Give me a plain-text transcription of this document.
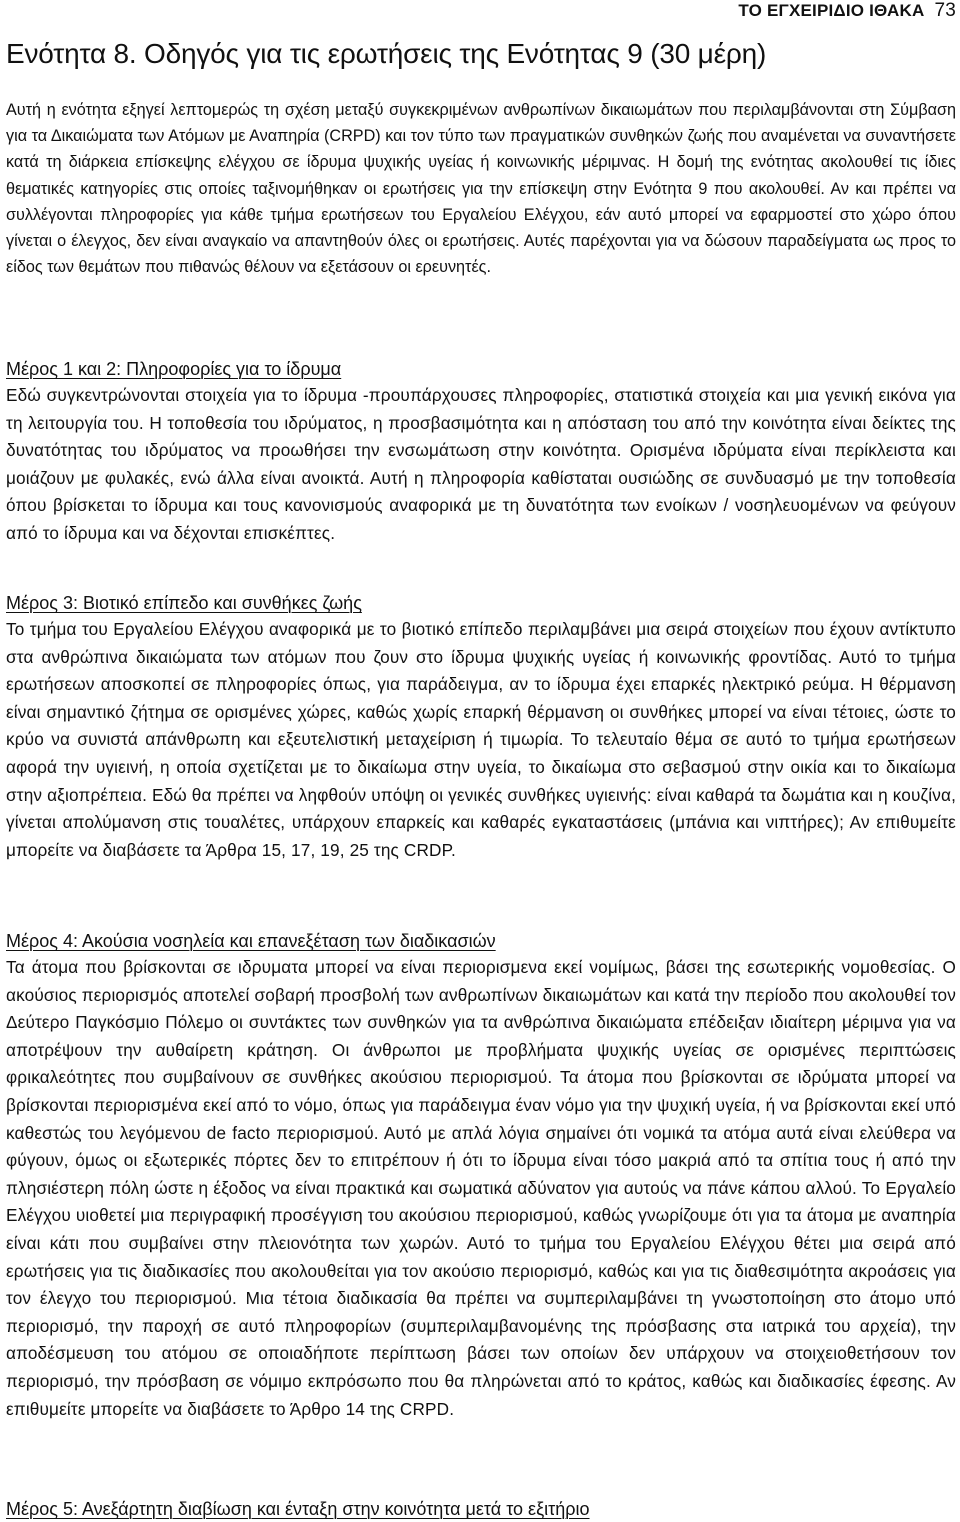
ΤΟ ΕΓΧΕΙΡΙΔΙΟ ΙΘΑΚΑ 73
Ενότητα 8. Οδηγός για τις ερωτήσεις της Ενότητας 9 (30 μέρη)

Αυτή η ενότητα εξηγεί λεπτομερώς τη σχέση μεταξύ συγκεκριμένων ανθρωπίνων δικαιωμάτων που περιλαμβάνονται στη Σύμβαση για τα Δικαιώματα των Ατόμων με Αναπηρία (CRPD) και τον τύπο των πραγματικών συνθηκών ζωής που αναμένεται να συναντήσετε κατά τη διάρκεια επίσκεψης ελέγχου σε ίδρυμα ψυχικής υγείας ή κοινωνικής μέριμνας. Η δομή της ενότητας ακολουθεί τις ίδιες θεματικές κατηγορίες στις οποίες ταξινομήθηκαν οι ερωτήσεις για την επίσκεψη στην Ενότητα 9 που ακολουθεί. Αν και πρέπει να συλλέγονται πληροφορίες για κάθε τμήμα ερωτήσεων του Εργαλείου Ελέγχου, εάν αυτό μπορεί να εφαρμοστεί στο χώρο όπου γίνεται ο έλεγχος, δεν είναι αναγκαίο να απαντηθούν όλες οι ερωτήσεις. Αυτές παρέχονται για να δώσουν παραδείγματα ως προς το είδος των θεμάτων που πιθανώς θέλουν να εξετάσουν οι ερευνητές.

Μέρος 1 και 2: Πληροφορίες για το ίδρυμα

Εδώ συγκεντρώνονται στοιχεία για το ίδρυμα -προυπάρχουσες πληροφορίες, στατιστικά στοιχεία και μια γενική εικόνα για τη λειτουργία του. Η τοποθεσία του ιδρύματος, η προσβασιμότητα και η απόσταση του από την κοινότητα είναι δείκτες της δυνατότητας του ιδρύματος να προωθήσει την ενσωμάτωση στην κοινότητα. Ορισμένα ιδρύματα είναι περίκλειστα και μοιάζουν με φυλακές, ενώ άλλα είναι ανοικτά. Αυτή η πληροφορία καθίσταται ουσιώδης σε συνδυασμό με την τοποθεσία όπου βρίσκεται το ίδρυμα και τους κανονισμούς αναφορικά με τη δυνατότητα των ενοίκων / νοσηλευομένων να φεύγουν από το ίδρυμα και να δέχονται επισκέπτες.

Μέρος 3: Βιοτικό επίπεδο και συνθήκες ζωής

Το τμήμα του Εργαλείου Ελέγχου αναφορικά με το βιοτικό επίπεδο περιλαμβάνει μια σειρά στοιχείων που έχουν αντίκτυπο στα ανθρώπινα δικαιώματα των ατόμων που ζουν στο ίδρυμα ψυχικής υγείας ή κοινωνικής φροντίδας. Αυτό το τμήμα ερωτήσεων αποσκοπεί σε πληροφορίες όπως, για παράδειγμα, αν το ίδρυμα έχει επαρκές ηλεκτρικό ρεύμα. Η θέρμανση είναι σημαντικό ζήτημα σε ορισμένες χώρες, καθώς χωρίς επαρκή θέρμανση οι συνθήκες μπορεί να είναι τέτοιες, ώστε το κρύο να συνιστά απάνθρωπη και εξευτελιστική μεταχείριση ή τιμωρία. Το τελευταίο θέμα σε αυτό το τμήμα ερωτήσεων αφορά την υγιεινή, η οποία σχετίζεται με το δικαίωμα στην υγεία, το δικαίωμα στο σεβασμού στην οικία και το δικαίωμα στην αξιοπρέπεια. Εδώ θα πρέπει να ληφθούν υπόψη οι γενικές συνθήκες υγιεινής: είναι καθαρά τα δωμάτια και η κουζίνα, γίνεται απολύμανση στις τουαλέτες, υπάρχουν επαρκείς και καθαρές εγκαταστάσεις (μπάνια και νιπτήρες); Αν επιθυμείτε μπορείτε να διαβάσετε τα Άρθρα 15, 17, 19, 25 της CRDP.

Μέρος 4: Ακούσια νοσηλεία και επανεξέταση των διαδικασιών

Τα άτομα που βρίσκονται σε ιδρυματα μπορεί να είναι περιορισμενα εκεί νομίμως, βάσει της εσωτερικής νομοθεσίας. Ο ακούσιος περιορισμός αποτελεί σοβαρή προσβολή των ανθρωπίνων δικαιωμάτων και κατά την περίοδο που ακολουθεί τον Δεύτερο Παγκόσμιο Πόλεμο οι συντάκτες των συνθηκών για τα ανθρώπινα δικαιώματα επέδειξαν ιδιαίτερη μέριμνα για να αποτρέψουν την αυθαίρετη κράτηση. Οι άνθρωποι με προβλήματα ψυχικής υγείας σε ορισμένες περιπτώσεις φρικαλεότητες που συμβαίνουν σε συνθήκες ακούσιου περιορισμού. Τα άτομα που βρίσκονται σε ιδρύματα μπορεί να βρίσκονται περιορισμένα εκεί από το νόμο, όπως για παράδειγμα έναν νόμο για την ψυχική υγεία, ή να βρίσκονται εκεί υπό καθεστώς του λεγόμενου de facto περιορισμού. Αυτό με απλά λόγια σημαίνει ότι νομικά τα ατόμα αυτά είναι ελεύθερα να φύγουν, όμως οι εξωτερικές πόρτες δεν το επιτρέπουν ή ότι το ίδρυμα είναι τόσο μακριά από τα σπίτια τους ή από την πλησιέστερη πόλη ώστε η έξοδος να είναι πρακτικά και σωματικά αδύνατον για αυτούς να πάνε κάπου αλλού. Το Εργαλείο Ελέγχου υιοθετεί μια περιγραφική προσέγγιση του ακούσιου περιορισμού, καθώς γνωρίζουμε ότι για τα άτομα με αναπηρία είναι κάτι που συμβαίνει στην πλειονότητα των χωρών. Αυτό το τμήμα του Εργαλείου Ελέγχου θέτει μια σειρά από ερωτήσεις για τις διαδικασίες που ακολουθείται για τον ακούσιο περιορισμό, καθώς και για τις διαθεσιμότητα ακροάσεις για τον έλεγχο του περιορισμού. Μια τέτοια διαδικασία θα πρέπει να συμπεριλαμβάνει τη γνωστοποίηση στο άτομο υπό περιορισμό, την παροχή σε αυτό πληροφορίων (συμπεριλαμβανομένης της πρόσβασης στα ιατρικά του αρχεία), την αποδέσμευση του ατόμου σε οποιαδήποτε περίπτωση βάσει των οποίων δεν υπάρχουν να στοιχειοθετήσουν τον περιορισμό, την πρόσβαση σε νόμιμο εκπρόσωπο που θα πληρώνεται από το κράτος, καθώς και διαδικασίες έφεσης. Αν επιθυμείτε μπορείτε να διαβάσετε το Άρθρο 14 της CRPD.

Μέρος 5: Ανεξάρτητη διαβίωση και ένταξη στην κοινότητα μετά το εξιτήριο
